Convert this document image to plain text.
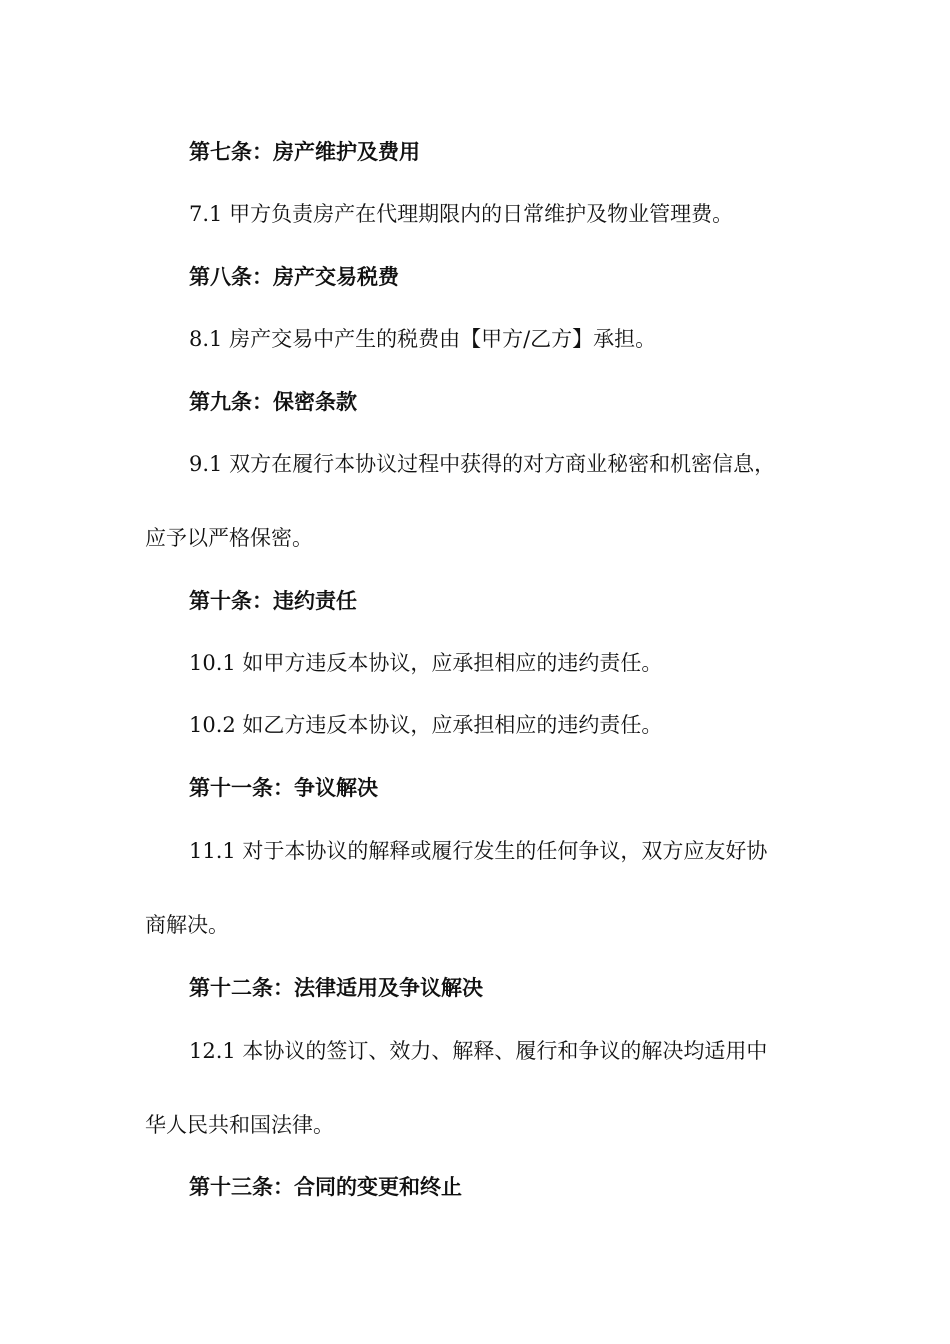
第七条：房产维护及费用
7.1 甲方负责房产在代理期限内的日常维护及物业管理费。
第八条：房产交易税费
8.1 房产交易中产生的税费由【甲方/乙方】承担。
第九条：保密条款
9.1 双方在履行本协议过程中获得的对方商业秘密和机密信息，
应予以严格保密。
第十条：违约责任
10.1 如甲方违反本协议，应承担相应的违约责任。
10.2 如乙方违反本协议，应承担相应的违约责任。
第十一条：争议解决
11.1 对于本协议的解释或履行发生的任何争议，双方应友好协
商解决。
第十二条：法律适用及争议解决
12.1 本协议的签订、效力、解释、履行和争议的解决均适用中
华人民共和国法律。
第十三条：合同的变更和终止
